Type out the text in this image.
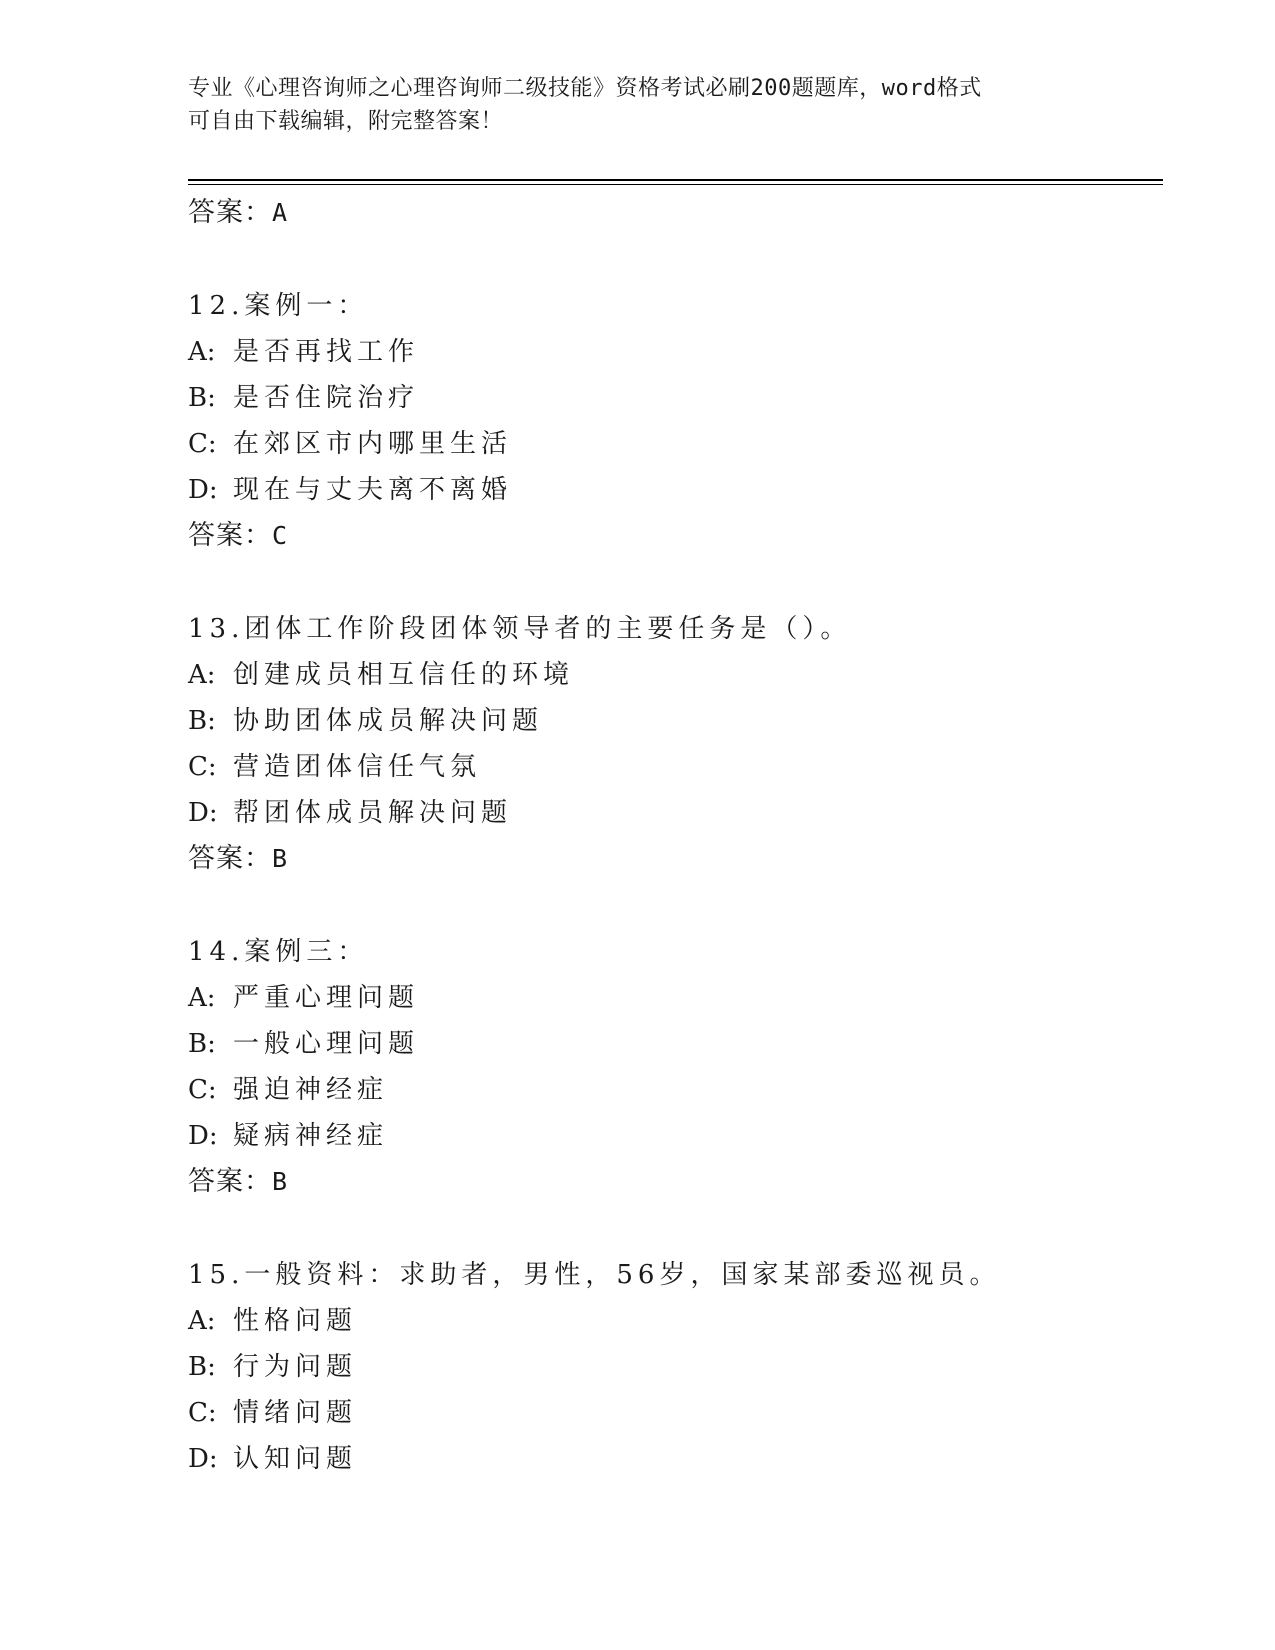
专业《心理咨询师之心理咨询师二级技能》资格考试必刷200题题库，word格式
可自由下载编辑，附完整答案！
答案：A
12.案例一：
A: 是否再找工作
B: 是否住院治疗
C: 在郊区市内哪里生活
D: 现在与丈夫离不离婚
答案：C
13.团体工作阶段团体领导者的主要任务是（）。
A: 创建成员相互信任的环境
B: 协助团体成员解决问题
C: 营造团体信任气氛
D: 帮团体成员解决问题
答案：B
14.案例三：
A: 严重心理问题
B: 一般心理问题
C: 强迫神经症
D: 疑病神经症
答案：B
15.一般资料：求助者，男性，56岁，国家某部委巡视员。
A: 性格问题
B: 行为问题
C: 情绪问题
D: 认知问题
